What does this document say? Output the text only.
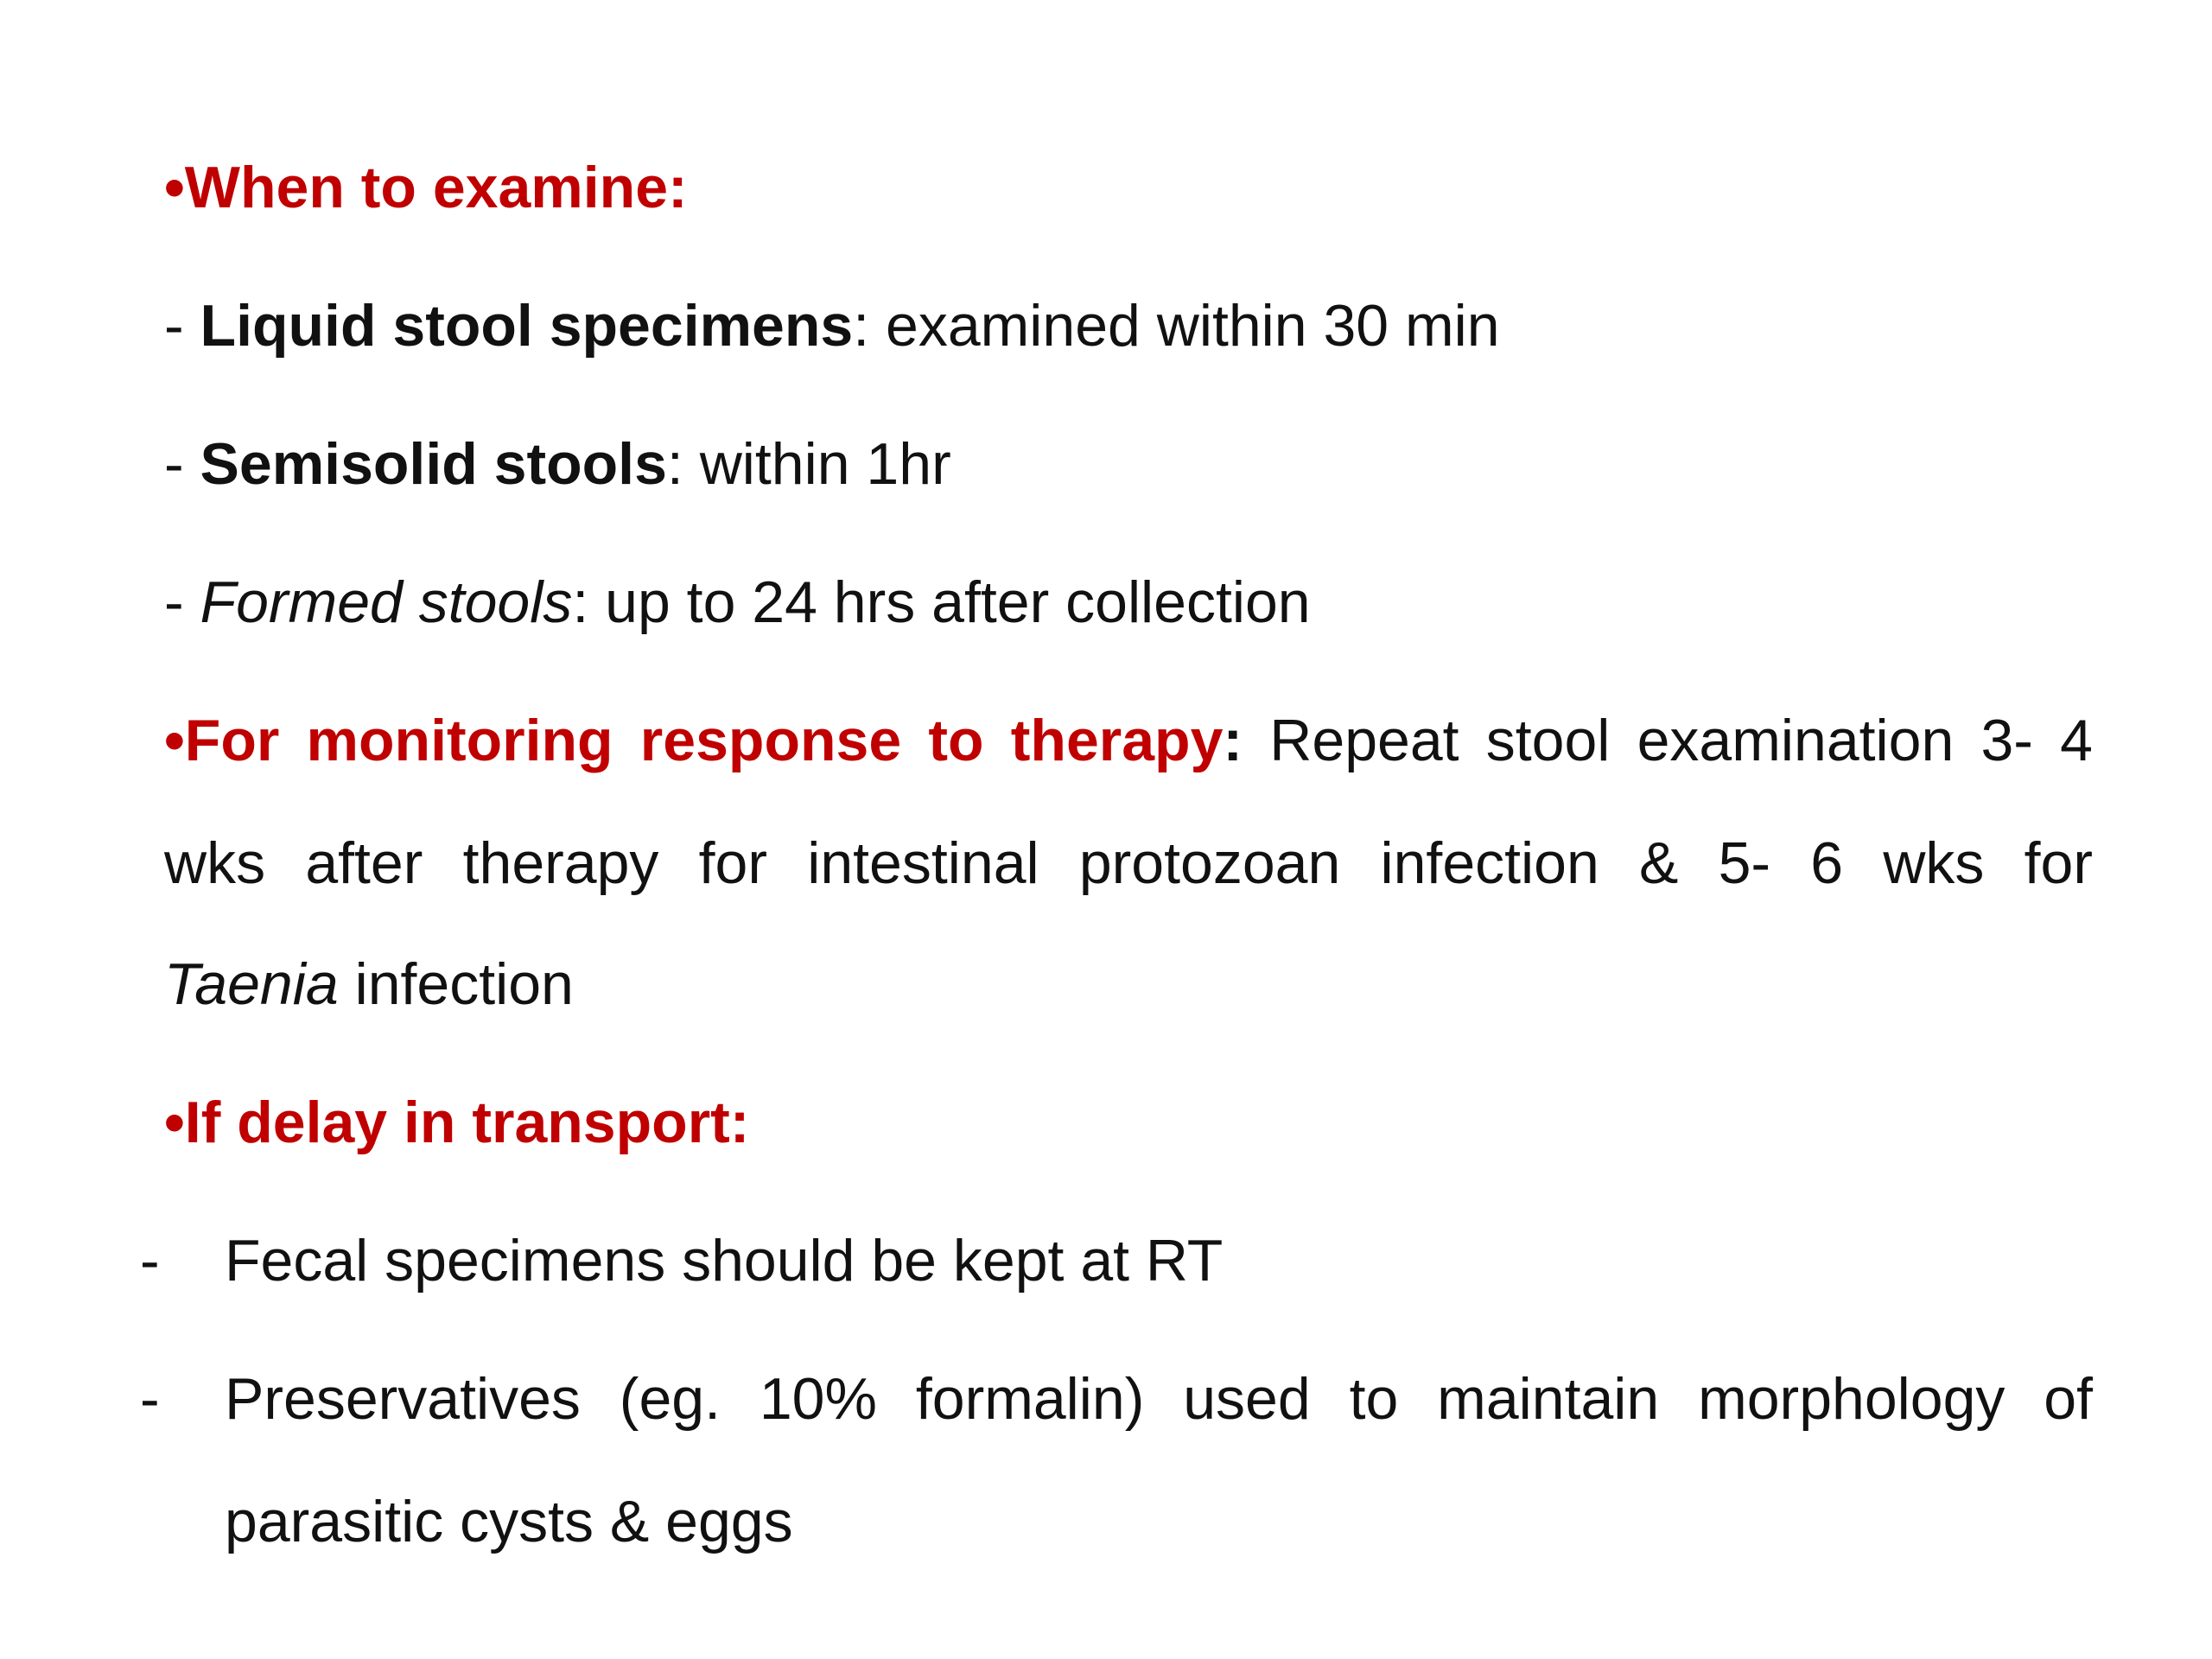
•When to examine:
- Liquid stool specimens: examined within 30 min
- Semisolid stools: within 1hr
- Formed stools: up to 24 hrs after collection
•For monitoring response to therapy: Repeat stool examination 3- 4
wks after therapy for intestinal protozoan infection & 5- 6 wks for
Taenia infection
•If delay in transport:
- Fecal specimens should be kept at RT
- Preservatives (eg. 10% formalin) used to maintain morphology of
parasitic cysts & eggs
